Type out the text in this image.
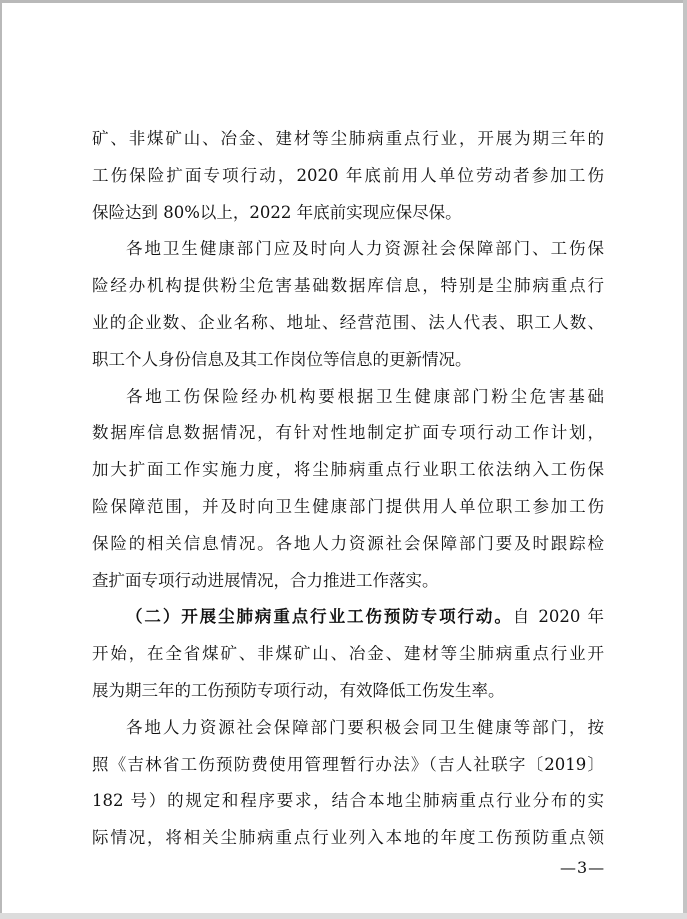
矿、非煤矿山、冶金、建材等尘肺病重点行业，开展为期三年的
工伤保险扩面专项行动，2020 年底前用人单位劳动者参加工伤
保险达到 80%以上，2022 年底前实现应保尽保。
各地卫生健康部门应及时向人力资源社会保障部门、工伤保
险经办机构提供粉尘危害基础数据库信息，特别是尘肺病重点行
业的企业数、企业名称、地址、经营范围、法人代表、职工人数、
职工个人身份信息及其工作岗位等信息的更新情况。
各地工伤保险经办机构要根据卫生健康部门粉尘危害基础
数据库信息数据情况，有针对性地制定扩面专项行动工作计划，
加大扩面工作实施力度，将尘肺病重点行业职工依法纳入工伤保
险保障范围，并及时向卫生健康部门提供用人单位职工参加工伤
保险的相关信息情况。各地人力资源社会保障部门要及时跟踪检
查扩面专项行动进展情况，合力推进工作落实。
（二）开展尘肺病重点行业工伤预防专项行动。自 2020 年
开始，在全省煤矿、非煤矿山、冶金、建材等尘肺病重点行业开
展为期三年的工伤预防专项行动，有效降低工伤发生率。
各地人力资源社会保障部门要积极会同卫生健康等部门，按
照《吉林省工伤预防费使用管理暂行办法》（吉人社联字〔2019〕
182 号）的规定和程序要求，结合本地尘肺病重点行业分布的实
际情况，将相关尘肺病重点行业列入本地的年度工伤预防重点领
—3—
